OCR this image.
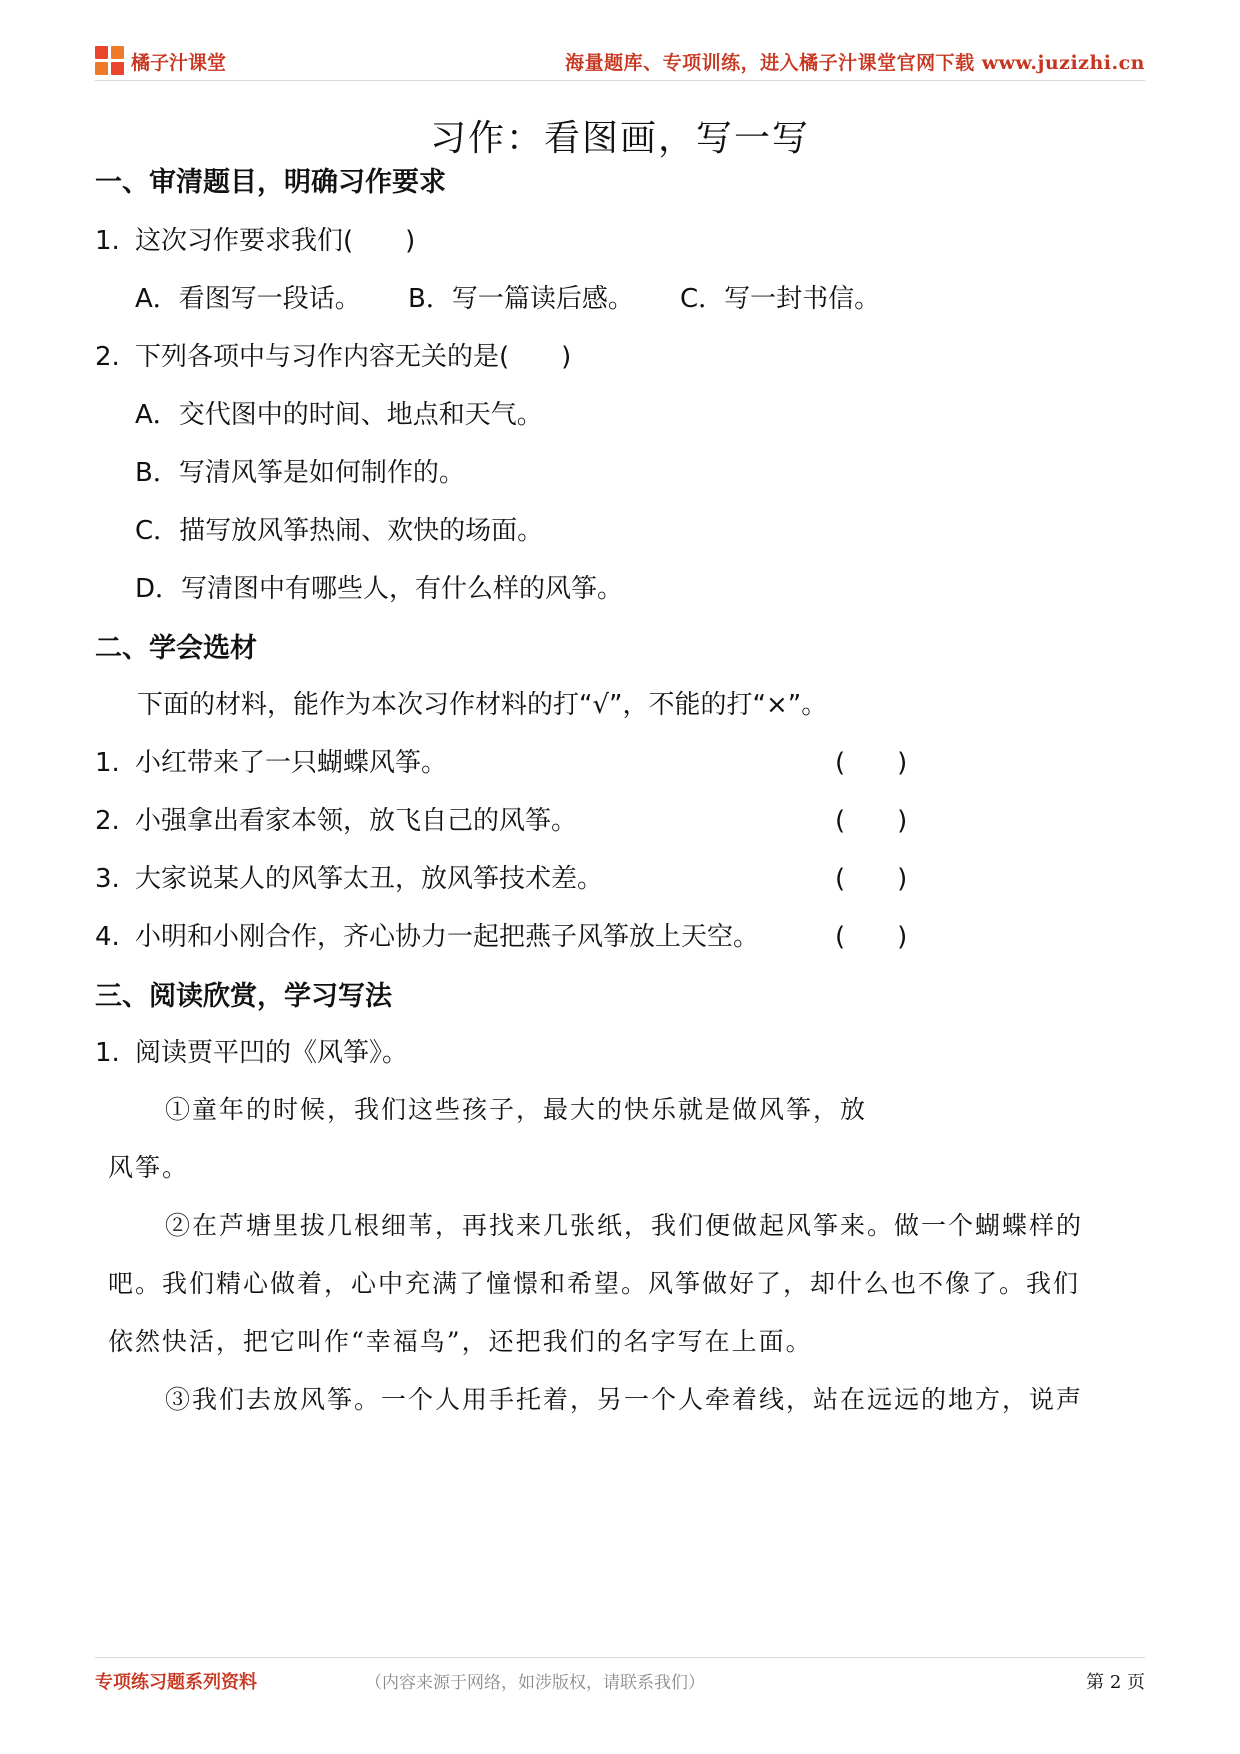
橘子汁课堂	海量题库、专项训练，进入橘子汁课堂官网下载 www.juzizhi.cn
习作：看图画，写一写
一、审清题目，明确习作要求
1. 这次习作要求我们(　　)
A．看图写一段话。 B．写一篇读后感。 C．写一封书信。
2. 下列各项中与习作内容无关的是(　　)
A．交代图中的时间、地点和天气。
B．写清风筝是如何制作的。
C．描写放风筝热闹、欢快的场面。
D．写清图中有哪些人，有什么样的风筝。
二、学会选材
下面的材料，能作为本次习作材料的打“√”，不能的打“×”。
1. 小红带来了一只蝴蝶风筝。	(　　)
2. 小强拿出看家本领，放飞自己的风筝。	(　　)
3. 大家说某人的风筝太丑，放风筝技术差。	(　　)
4. 小明和小刚合作，齐心协力一起把燕子风筝放上天空。	(　　)
三、阅读欣赏，学习写法
1. 阅读贾平凹的《风筝》。
①童年的时候，我们这些孩子，最大的快乐就是做风筝，放
风筝。
②在芦塘里拔几根细苇，再找来几张纸，我们便做起风筝来。做一个蝴蝶样的
吧。我们精心做着，心中充满了憧憬和希望。风筝做好了，却什么也不像了。我们
依然快活，把它叫作“幸福鸟”，还把我们的名字写在上面。
③我们去放风筝。一个人用手托着，另一个人牵着线，站在远远的地方，说声
专项练习题系列资料	（内容来源于网络，如涉版权，请联系我们）	第 2 页
